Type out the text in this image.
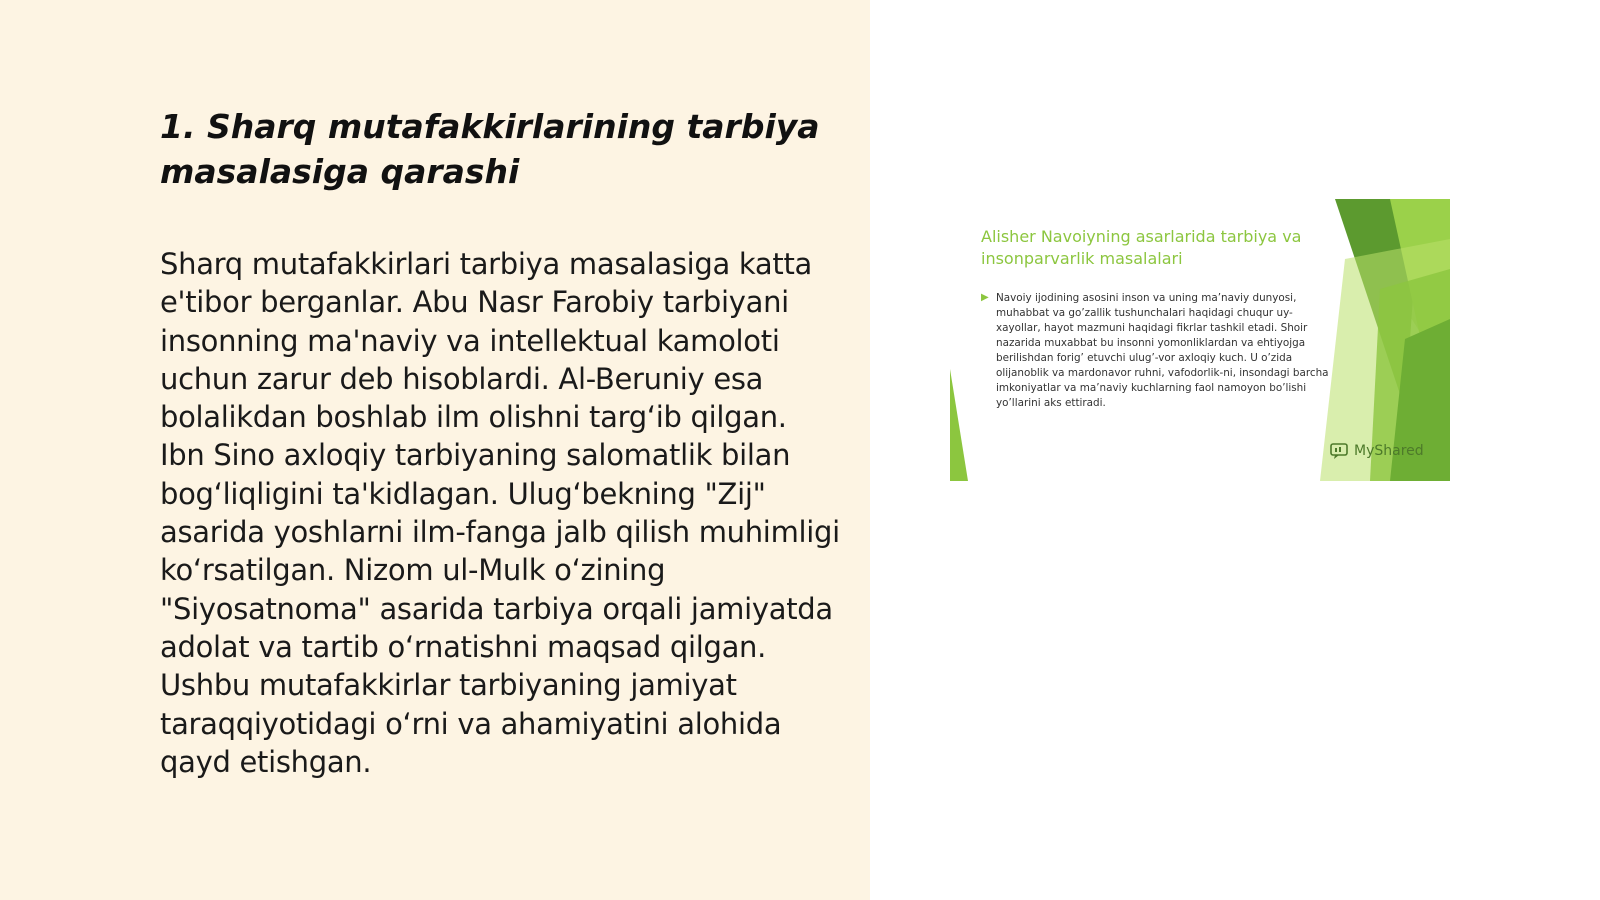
1. Sharq mutafakkirlarining tarbiya masalasiga qarashi

Sharq mutafakkirlari tarbiya masalasiga katta e'tibor berganlar. Abu Nasr Farobiy tarbiyani insonning ma'naviy va intellektual kamoloti uchun zarur deb hisoblardi. Al-Beruniy esa bolalikdan boshlab ilm olishni targ‘ib qilgan. Ibn Sino axloqiy tarbiyaning salomatlik bilan bog‘liqligini ta'kidlagan. Ulug‘bekning "Zij" asarida yoshlarni ilm-fanga jalb qilish muhimligi ko‘rsatilgan. Nizom ul-Mulk o‘zining "Siyosatnoma" asarida tarbiya orqali jamiyatda adolat va tartib o‘rnatishni maqsad qilgan. Ushbu mutafakkirlar tarbiyaning jamiyat taraqqiyotidagi o‘rni va ahamiyatini alohida qayd etishgan.

Alisher Navoiyning asarlarida tarbiya va insonparvarlik masalalari
▶ Navoiy ijodining asosini inson va uning ma’naviy dunyosi, muhabbat va go’zallik tushunchalari haqidagi chuqur uy-xayollar, hayot mazmuni haqidagi fikrlar tashkil etadi. Shoir nazarida muxabbat bu insonni yomonliklardan va ehtiyojga berilishdan forig’ etuvchi ulug’-vor axloqiy kuch. U o’zida olijanoblik va mardonavor ruhni, vafodorlik-ni, insondagi barcha imkoniyatlar va ma’naviy kuchlarning faol namoyon bo’lishi yo’llarini aks ettiradi.

MyShared
